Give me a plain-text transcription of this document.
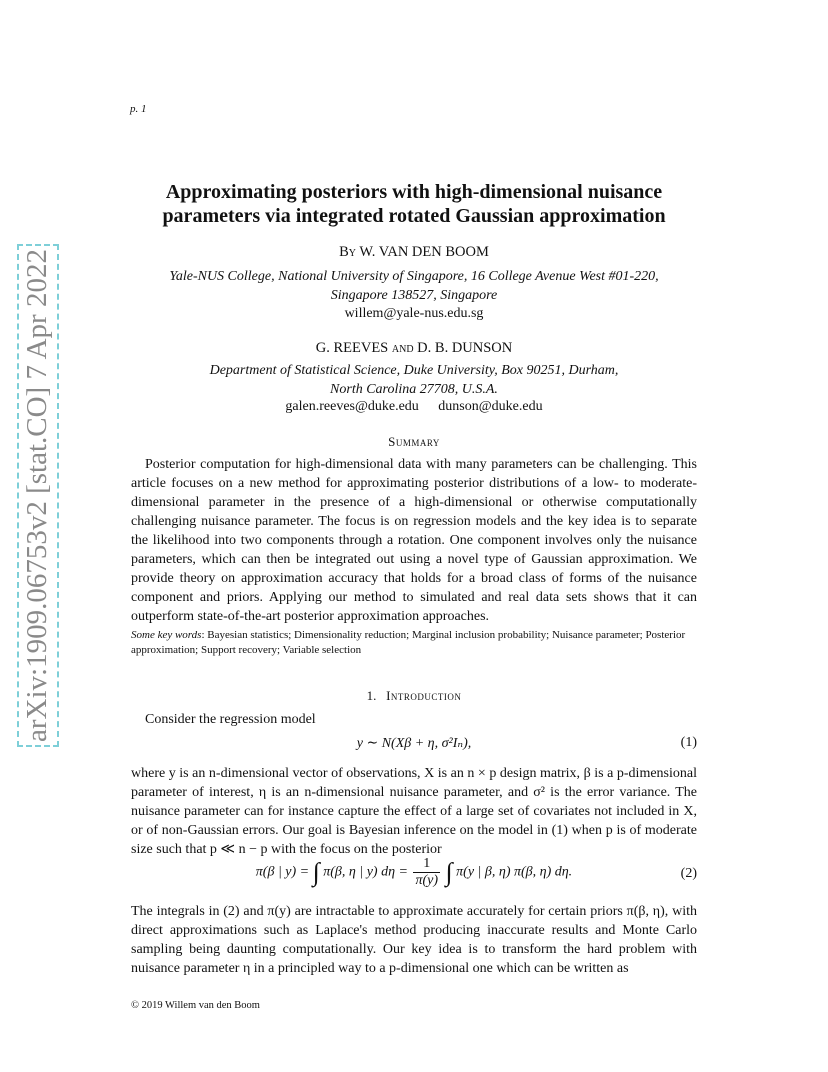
arXiv:1909.06753v2 [stat.CO] 7 Apr 2022
p. 1
Approximating posteriors with high-dimensional nuisance
parameters via integrated rotated Gaussian approximation
By W. VAN DEN BOOM
Yale-NUS College, National University of Singapore, 16 College Avenue West #01-220,
Singapore 138527, Singapore
willem@yale-nus.edu.sg
G. REEVES and D. B. DUNSON
Department of Statistical Science, Duke University, Box 90251, Durham,
North Carolina 27708, U.S.A.
galen.reeves@duke.edu dunson@duke.edu
Summary
Posterior computation for high-dimensional data with many parameters can be challenging. This article focuses on a new method for approximating posterior distributions of a low- to moderate-dimensional parameter in the presence of a high-dimensional or otherwise computationally challenging nuisance parameter. The focus is on regression models and the key idea is to separate the likelihood into two components through a rotation. One component involves only the nuisance parameters, which can then be integrated out using a novel type of Gaussian approximation. We provide theory on approximation accuracy that holds for a broad class of forms of the nuisance component and priors. Applying our method to simulated and real data sets shows that it can outperform state-of-the-art posterior approximation approaches.
Some key words: Bayesian statistics; Dimensionality reduction; Marginal inclusion probability; Nuisance parameter; Posterior approximation; Support recovery; Variable selection
1. Introduction
Consider the regression model
y ∼ N(Xβ + η, σ²Iₙ),	(1)
where y is an n-dimensional vector of observations, X is an n × p design matrix, β is a p-dimensional parameter of interest, η is an n-dimensional nuisance parameter, and σ² is the error variance. The nuisance parameter can for instance capture the effect of a large set of covariates not included in X, or of non-Gaussian errors. Our goal is Bayesian inference on the model in (1) when p is of moderate size such that p ≪ n − p with the focus on the posterior
π(β | y) = ∫ π(β, η | y) $d\eta = \frac{1}{\pi(y)}$ ∫ π(y | β, η) π(β, η) dη.	(2)
The integrals in (2) and π(y) are intractable to approximate accurately for certain priors π(β, η), with direct approximations such as Laplace's method producing inaccurate results and Monte Carlo sampling being daunting computationally. Our key idea is to transform the hard problem with nuisance parameter η in a principled way to a p-dimensional one which can be written as
© 2019 Willem van den Boom
